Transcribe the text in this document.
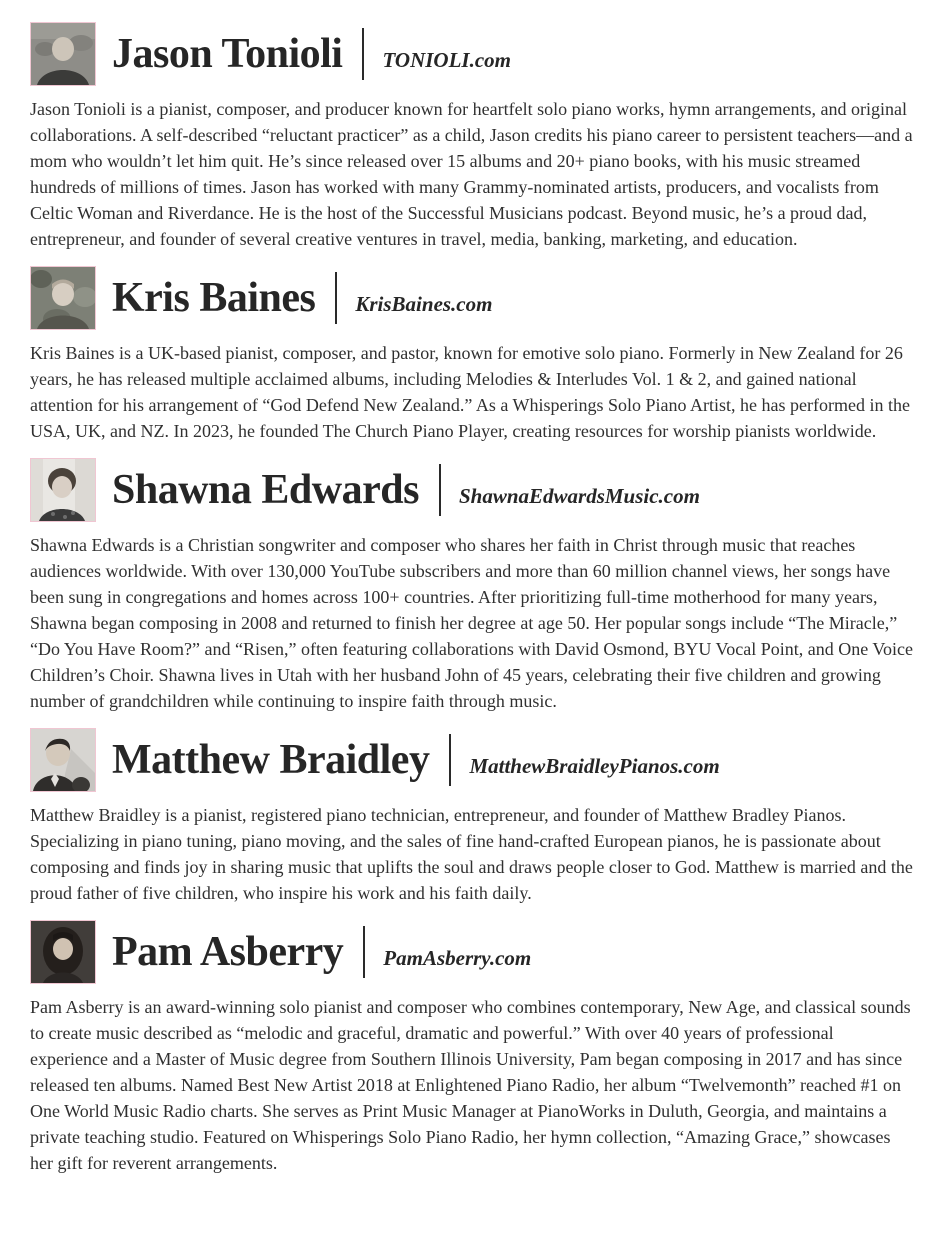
Jason Tonioli TONIOLI.com

Jason Tonioli is a pianist, composer, and producer known for heartfelt solo piano works, hymn arrangements, and original collaborations. A self-described “reluctant practicer” as a child, Jason credits his piano career to persistent teachers—and a mom who wouldn’t let him quit. He’s since released over 15 albums and 20+ piano books, with his music streamed hundreds of millions of times. Jason has worked with many Grammy-nominated artists, producers, and vocalists from Celtic Woman and Riverdance. He is the host of the Successful Musicians podcast. Beyond music, he’s a proud dad, entrepreneur, and founder of several creative ventures in travel, media, banking, marketing, and education.

Kris Baines KrisBaines.com

Kris Baines is a UK-based pianist, composer, and pastor, known for emotive solo piano. Formerly in New Zealand for 26 years, he has released multiple acclaimed albums, including Melodies & Interludes Vol. 1 & 2, and gained national attention for his arrangement of “God Defend New Zealand.” As a Whisperings Solo Piano Artist, he has performed in the USA, UK, and NZ. In 2023, he founded The Church Piano Player, creating resources for worship pianists worldwide.

Shawna Edwards ShawnaEdwardsMusic.com

Shawna Edwards is a Christian songwriter and composer who shares her faith in Christ through music that reaches audiences worldwide. With over 130,000 YouTube subscribers and more than 60 million channel views, her songs have been sung in congregations and homes across 100+ countries. After prioritizing full-time motherhood for many years, Shawna began composing in 2008 and returned to finish her degree at age 50. Her popular songs include “The Miracle,” “Do You Have Room?” and “Risen,” often featuring collaborations with David Osmond, BYU Vocal Point, and One Voice Children’s Choir. Shawna lives in Utah with her husband John of 45 years, celebrating their five children and growing number of grandchildren while continuing to inspire faith through music.

Matthew Braidley MatthewBraidleyPianos.com

Matthew Braidley is a pianist, registered piano technician, entrepreneur, and founder of Matthew Bradley Pianos. Specializing in piano tuning, piano moving, and the sales of fine hand-crafted European pianos, he is passionate about composing and finds joy in sharing music that uplifts the soul and draws people closer to God. Matthew is married and the proud father of five children, who inspire his work and his faith daily.

Pam Asberry PamAsberry.com

Pam Asberry is an award-winning solo pianist and composer who combines contemporary, New Age, and classical sounds to create music described as “melodic and graceful, dramatic and powerful.” With over 40 years of professional experience and a Master of Music degree from Southern Illinois University, Pam began composing in 2017 and has since released ten albums. Named Best New Artist 2018 at Enlightened Piano Radio, her album “Twelvemonth” reached #1 on One World Music Radio charts. She serves as Print Music Manager at PianoWorks in Duluth, Georgia, and maintains a private teaching studio. Featured on Whisperings Solo Piano Radio, her hymn collection, “Amazing Grace,” showcases her gift for reverent arrangements.
